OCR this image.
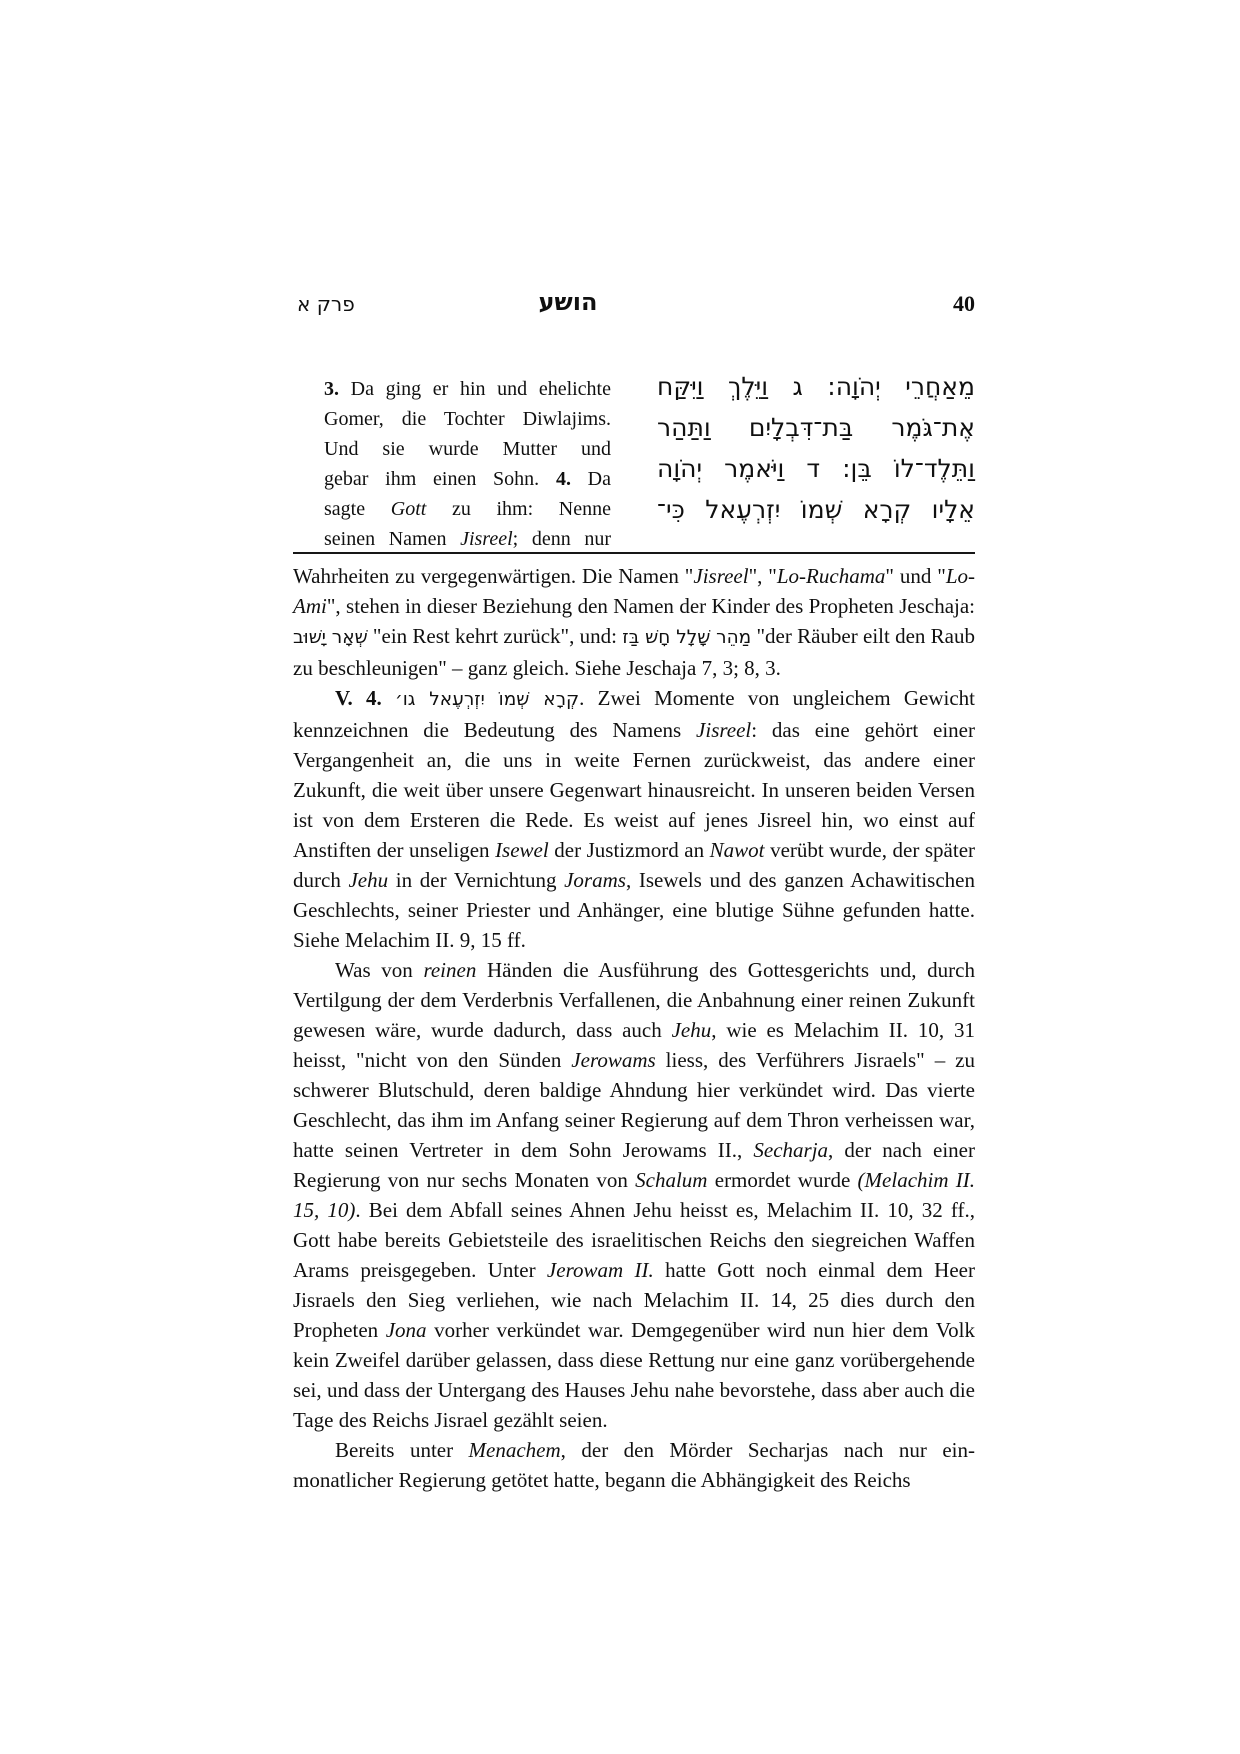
פרק א	הושע	40
3. Da ging er hin und ehelichte
Gomer, die Tochter Diwlajims.
Und sie wurde Mutter und
gebar ihm einen Sohn. 4. Da
sagte Gott zu ihm: Nenne
seinen Namen Jisreel; denn nur
מֵאַחֲרֵי יְהֹוָה: ג וַיֵּלֶךְ וַיִּקַּח
אֶת־גֹּמֶר בַּת־דִּבְלָיִם וַתַּהַר
וַתֵּלֶד־לוֹ בֵּן: ד וַיֹּאמֶר יְהֹוָה
אֵלָיו קְרָא שְׁמוֹ יִזְרְעֶאל כִּי־

Wahrheiten zu vergegenwärtigen. Die Namen "Jisreel", "Lo-Ruchama" und "Lo-Ami", stehen in dieser Beziehung den Namen der Kinder des Propheten Jeschaja: שְׁאָר יָשׁוּב "ein Rest kehrt zurück", und: מַהֵר שָׁלָל חָשׁ בַּז "der Räuber eilt den Raub zu beschleunigen" – ganz gleich. Siehe Jeschaja 7, 3; 8, 3.

V. 4. קְרָא שְׁמוֹ יִזְרְעֶאל גו׳. Zwei Momente von ungleichem Gewicht kennzeichnen die Bedeutung des Namens Jisreel: das eine gehört einer Vergangenheit an, die uns in weite Fernen zurückweist, das andere einer Zukunft, die weit über unsere Gegenwart hinausreicht. In unseren beiden Versen ist von dem Ersteren die Rede. Es weist auf jenes Jisreel hin, wo einst auf Anstiften der unseligen Isewel der Justizmord an Nawot verübt wurde, der später durch Jehu in der Vernichtung Jorams, Isewels und des ganzen Achawitischen Geschlechts, seiner Priester und Anhänger, eine blutige Sühne gefunden hatte. Siehe Melachim II. 9, 15 ff.

Was von reinen Händen die Ausführung des Gottesgerichts und, durch Vertilgung der dem Verderbnis Verfallenen, die Anbahnung einer reinen Zukunft gewesen wäre, wurde dadurch, dass auch Jehu, wie es Melachim II. 10, 31 heisst, "nicht von den Sünden Jerowams liess, des Verführers Jisraels" – zu schwerer Blutschuld, deren baldige Ahndung hier verkündet wird. Das vierte Geschlecht, das ihm im Anfang seiner Regierung auf dem Thron verheissen war, hatte seinen Vertreter in dem Sohn Jerowams II., Secharja, der nach einer Regierung von nur sechs Monaten von Schalum ermordet wurde (Melachim II. 15, 10). Bei dem Abfall seines Ahnen Jehu heisst es, Melachim II. 10, 32 ff., Gott habe bereits Gebietsteile des israelitischen Reichs den siegreichen Waffen Arams preisgegeben. Unter Jerowam II. hatte Gott noch einmal dem Heer Jisraels den Sieg verliehen, wie nach Melachim II. 14, 25 dies durch den Propheten Jona vorher verkündet war. Demgegenüber wird nun hier dem Volk kein Zweifel darüber gelassen, dass diese Rettung nur eine ganz vorübergehende sei, und dass der Untergang des Hauses Jehu nahe bevorstehe, dass aber auch die Tage des Reichs Jisrael gezählt seien.

Bereits unter Menachem, der den Mörder Secharjas nach nur ein-monatlicher Regierung getötet hatte, begann die Abhängigkeit des Reichs
